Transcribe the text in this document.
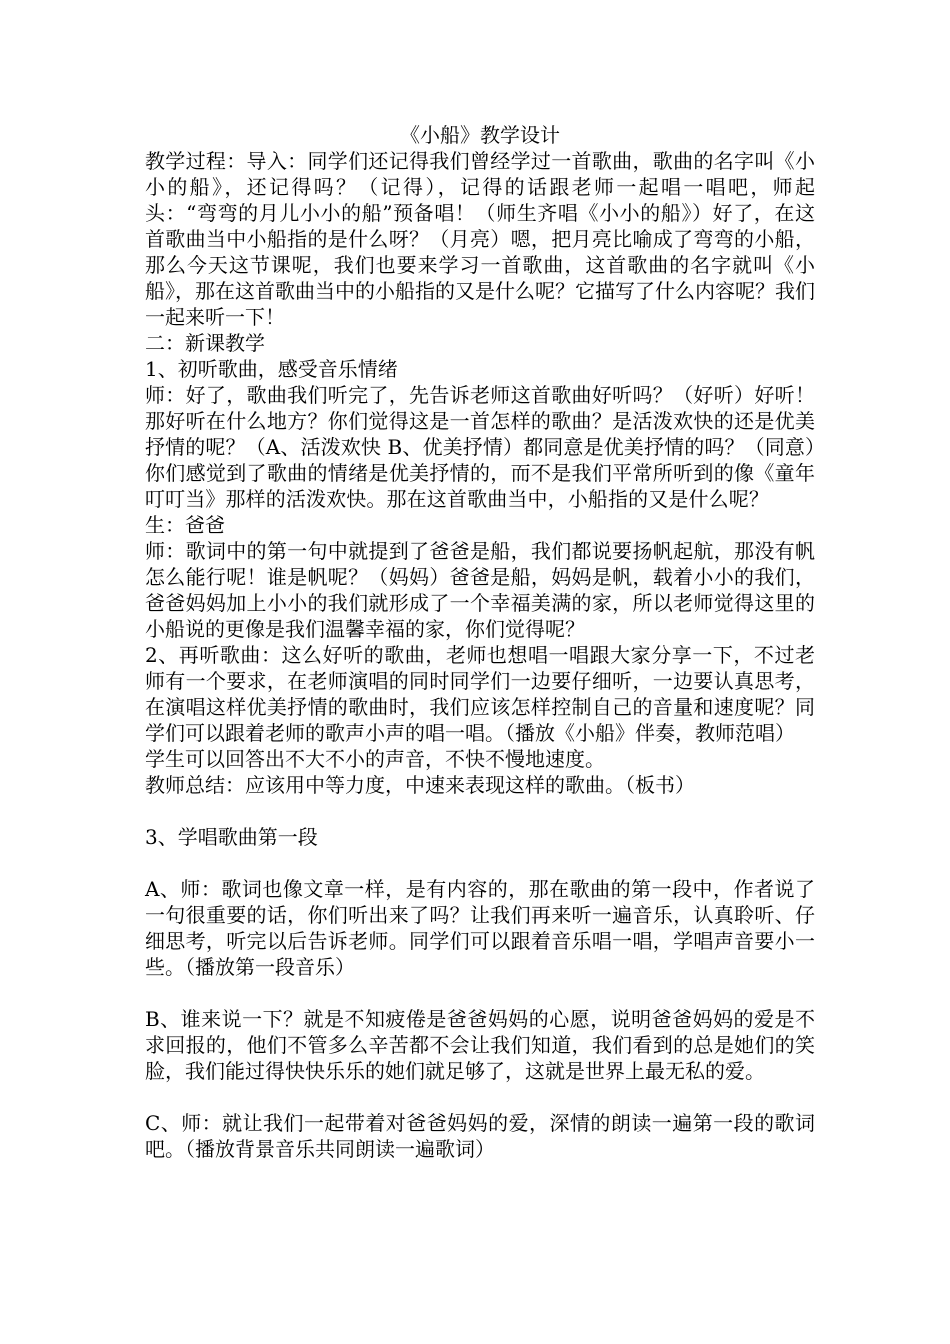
《小船》教学设计

教学过程：导入：同学们还记得我们曾经学过一首歌曲，歌曲的名字叫《小小的船》，还记得吗？（记得），记得的话跟老师一起唱一唱吧，师起头：“弯弯的月儿小小的船”预备唱！（师生齐唱《小小的船》）好了，在这首歌曲当中小船指的是什么呀？（月亮）嗯，把月亮比喻成了弯弯的小船，那么今天这节课呢，我们也要来学习一首歌曲，这首歌曲的名字就叫《小船》，那在这首歌曲当中的小船指的又是什么呢？它描写了什么内容呢？我们一起来听一下！

二：新课教学

1、初听歌曲，感受音乐情绪

师：好了，歌曲我们听完了，先告诉老师这首歌曲好听吗？（好听）好听！那好听在什么地方？你们觉得这是一首怎样的歌曲？是活泼欢快的还是优美抒情的呢？（A、活泼欢快 B、优美抒情）都同意是优美抒情的吗？（同意）你们感觉到了歌曲的情绪是优美抒情的，而不是我们平常所听到的像《童年叮叮当》那样的活泼欢快。那在这首歌曲当中，小船指的又是什么呢？生：爸爸

师：歌词中的第一句中就提到了爸爸是船，我们都说要扬帆起航，那没有帆怎么能行呢！谁是帆呢？（妈妈）爸爸是船，妈妈是帆，载着小小的我们，爸爸妈妈加上小小的我们就形成了一个幸福美满的家，所以老师觉得这里的小船说的更像是我们温馨幸福的家，你们觉得呢？

2、再听歌曲：这么好听的歌曲，老师也想唱一唱跟大家分享一下，不过老师有一个要求，在老师演唱的同时同学们一边要仔细听，一边要认真思考，在演唱这样优美抒情的歌曲时，我们应该怎样控制自己的音量和速度呢？同学们可以跟着老师的歌声小声的唱一唱。（播放《小船》伴奏，教师范唱）

学生可以回答出不大不小的声音，不快不慢地速度。

教师总结：应该用中等力度，中速来表现这样的歌曲。（板书）

3、学唱歌曲第一段

A、师：歌词也像文章一样，是有内容的，那在歌曲的第一段中，作者说了一句很重要的话，你们听出来了吗？让我们再来听一遍音乐，认真聆听、仔细思考，听完以后告诉老师。同学们可以跟着音乐唱一唱，学唱声音要小一些。（播放第一段音乐）

B、谁来说一下？就是不知疲倦是爸爸妈妈的心愿，说明爸爸妈妈的爱是不求回报的，他们不管多么辛苦都不会让我们知道，我们看到的总是她们的笑脸，我们能过得快快乐乐的她们就足够了，这就是世界上最无私的爱。

C、师：就让我们一起带着对爸爸妈妈的爱，深情的朗读一遍第一段的歌词吧。（播放背景音乐共同朗读一遍歌词）
